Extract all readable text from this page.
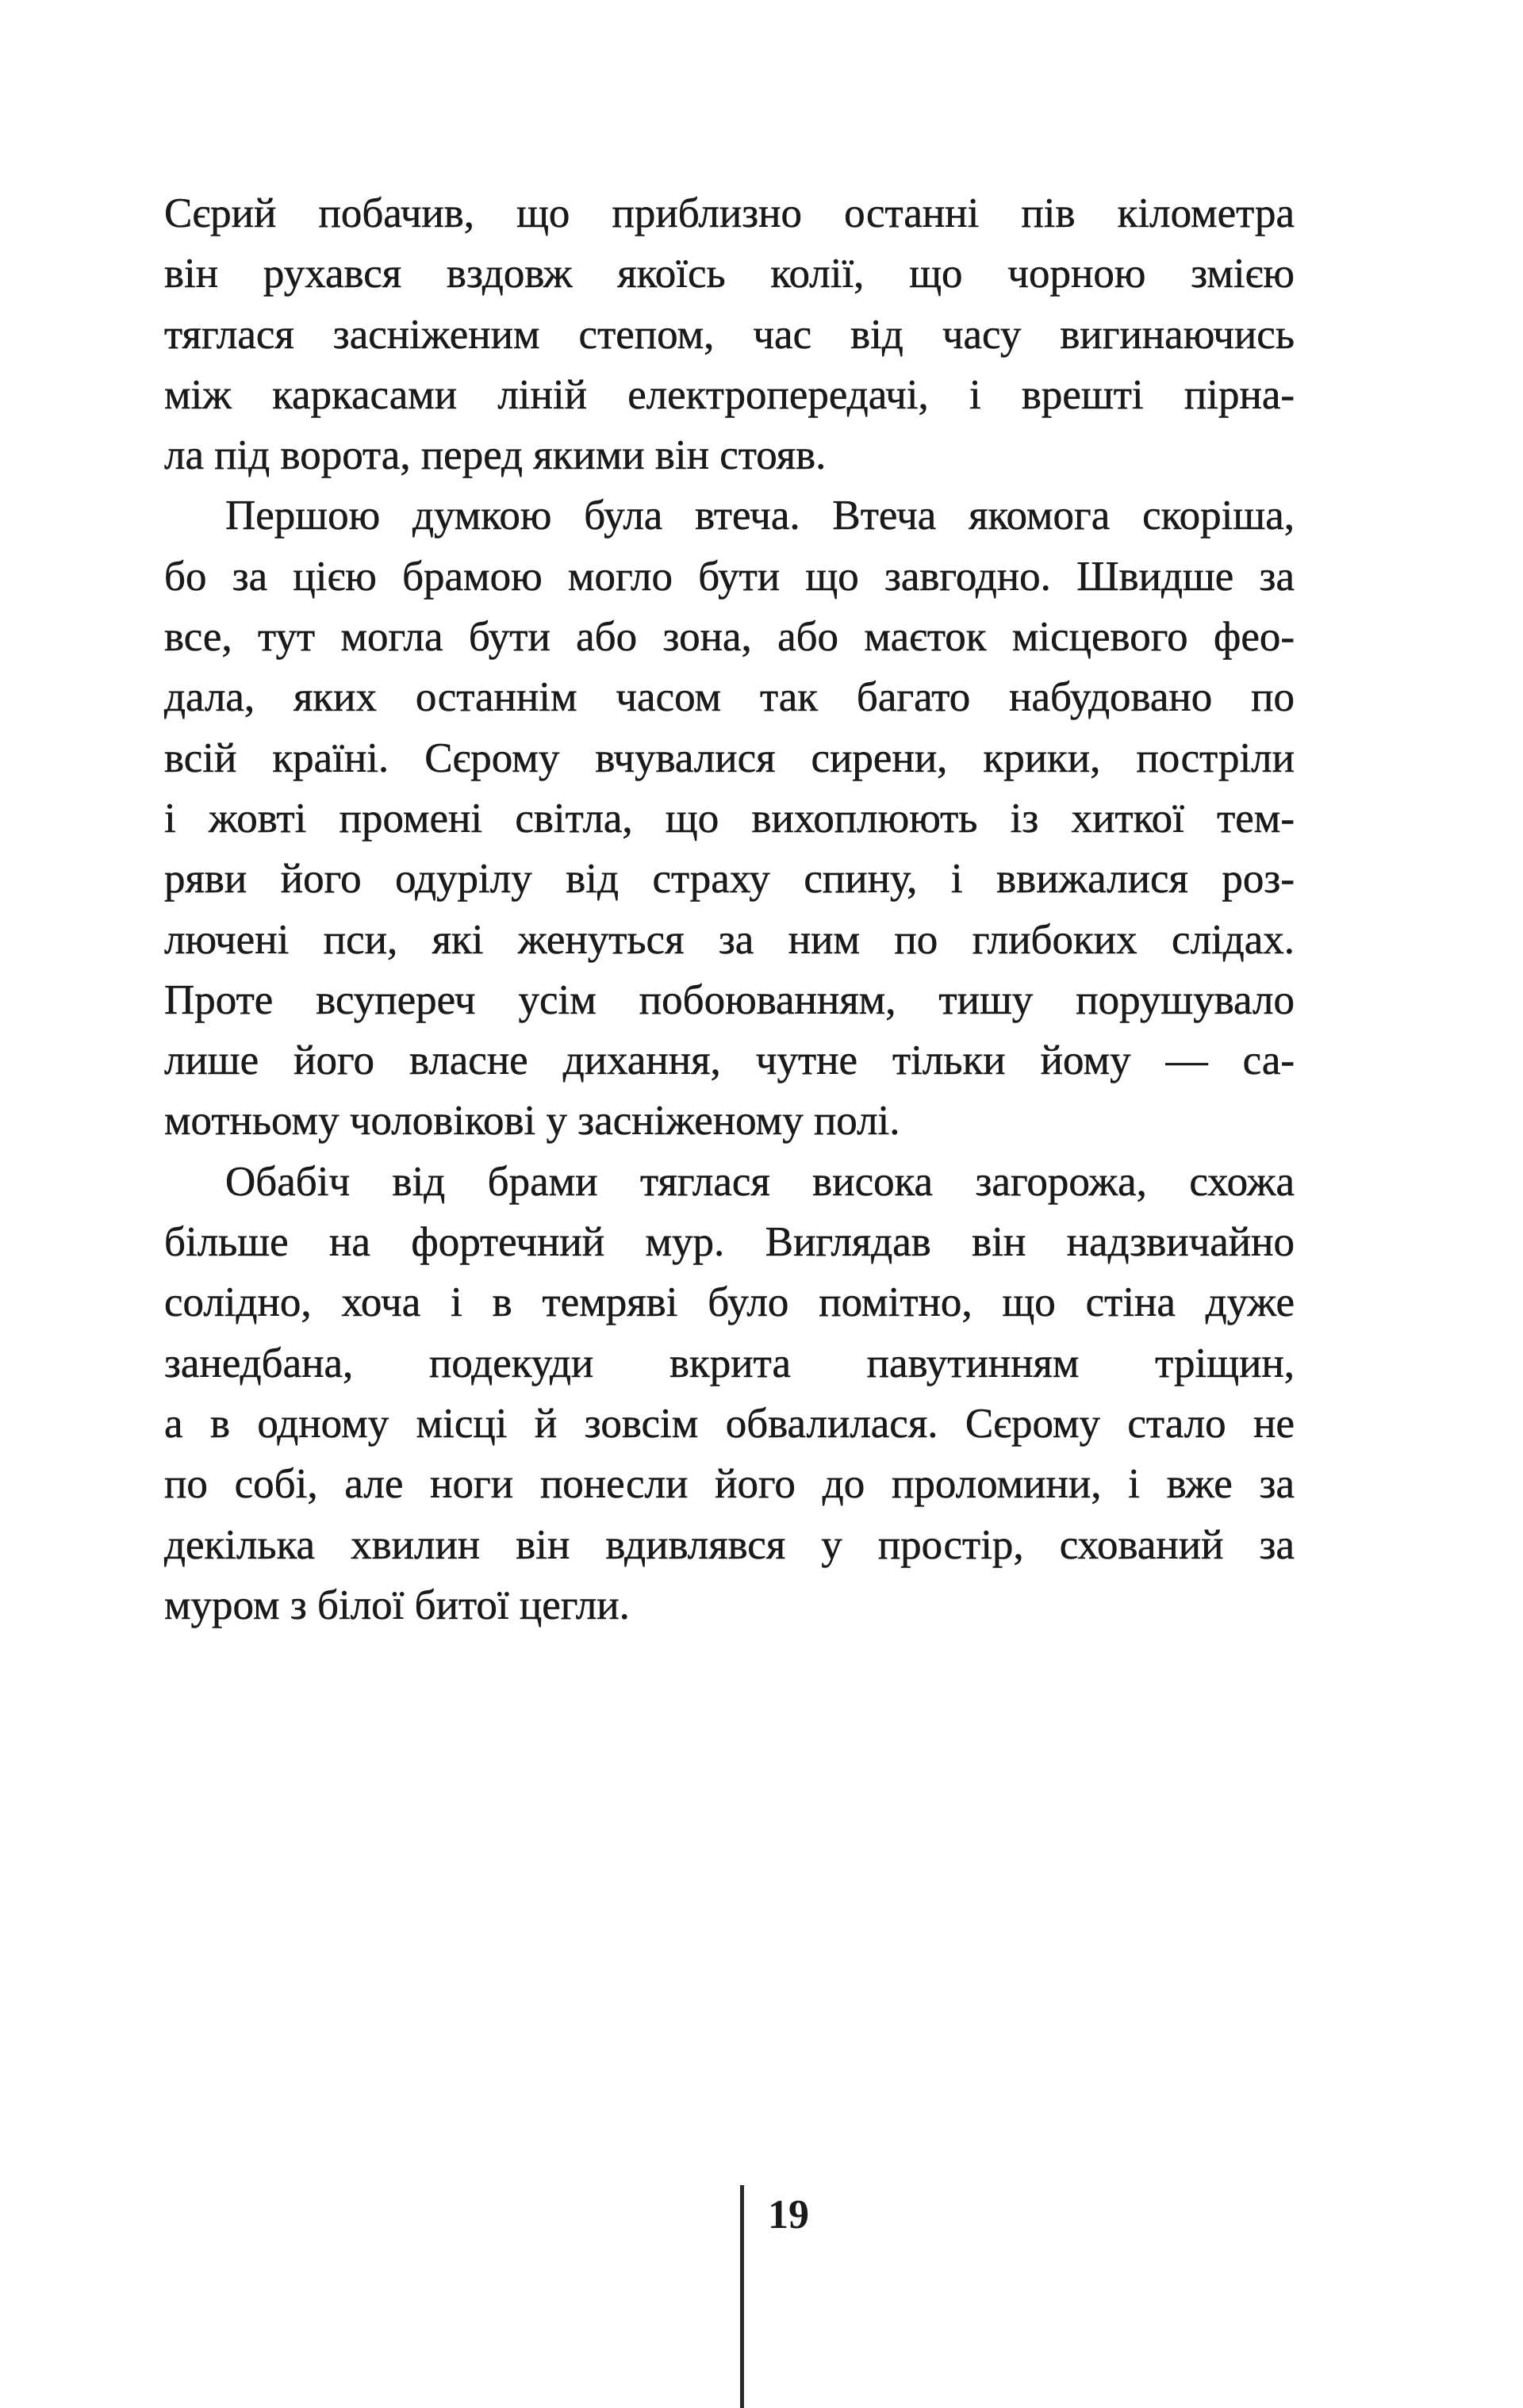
Сєрий побачив, що приблизно останні пів кілометра
він рухався вздовж якоїсь колії, що чорною змією
тяглася засніженим степом, час від часу вигинаючись
між каркасами ліній електропередачі, і врешті пірна-
ла під ворота, перед якими він стояв.
Першою думкою була втеча. Втеча якомога скоріша,
бо за цією брамою могло бути що завгодно. Швидше за
все, тут могла бути або зона, або маєток місцевого фео-
дала, яких останнім часом так багато набудовано по
всій країні. Сєрому вчувалися сирени, крики, постріли
і жовті промені світла, що вихоплюють із хиткої тем-
ряви його одурілу від страху спину, і ввижалися роз-
лючені пси, які женуться за ним по глибоких слідах.
Проте всупереч усім побоюванням, тишу порушувало
лише його власне дихання, чутне тільки йому — са-
мотньому чоловікові у засніженому полі.
Обабіч від брами тяглася висока загорожа, схожа
більше на фортечний мур. Виглядав він надзвичайно
солідно, хоча і в темряві було помітно, що стіна дуже
занедбана, подекуди вкрита павутинням тріщин,
а в одному місці й зовсім обвалилася. Сєрому стало не
по собі, але ноги понесли його до проломини, і вже за
декілька хвилин він вдивлявся у простір, схований за
муром з білої битої цегли.
19
